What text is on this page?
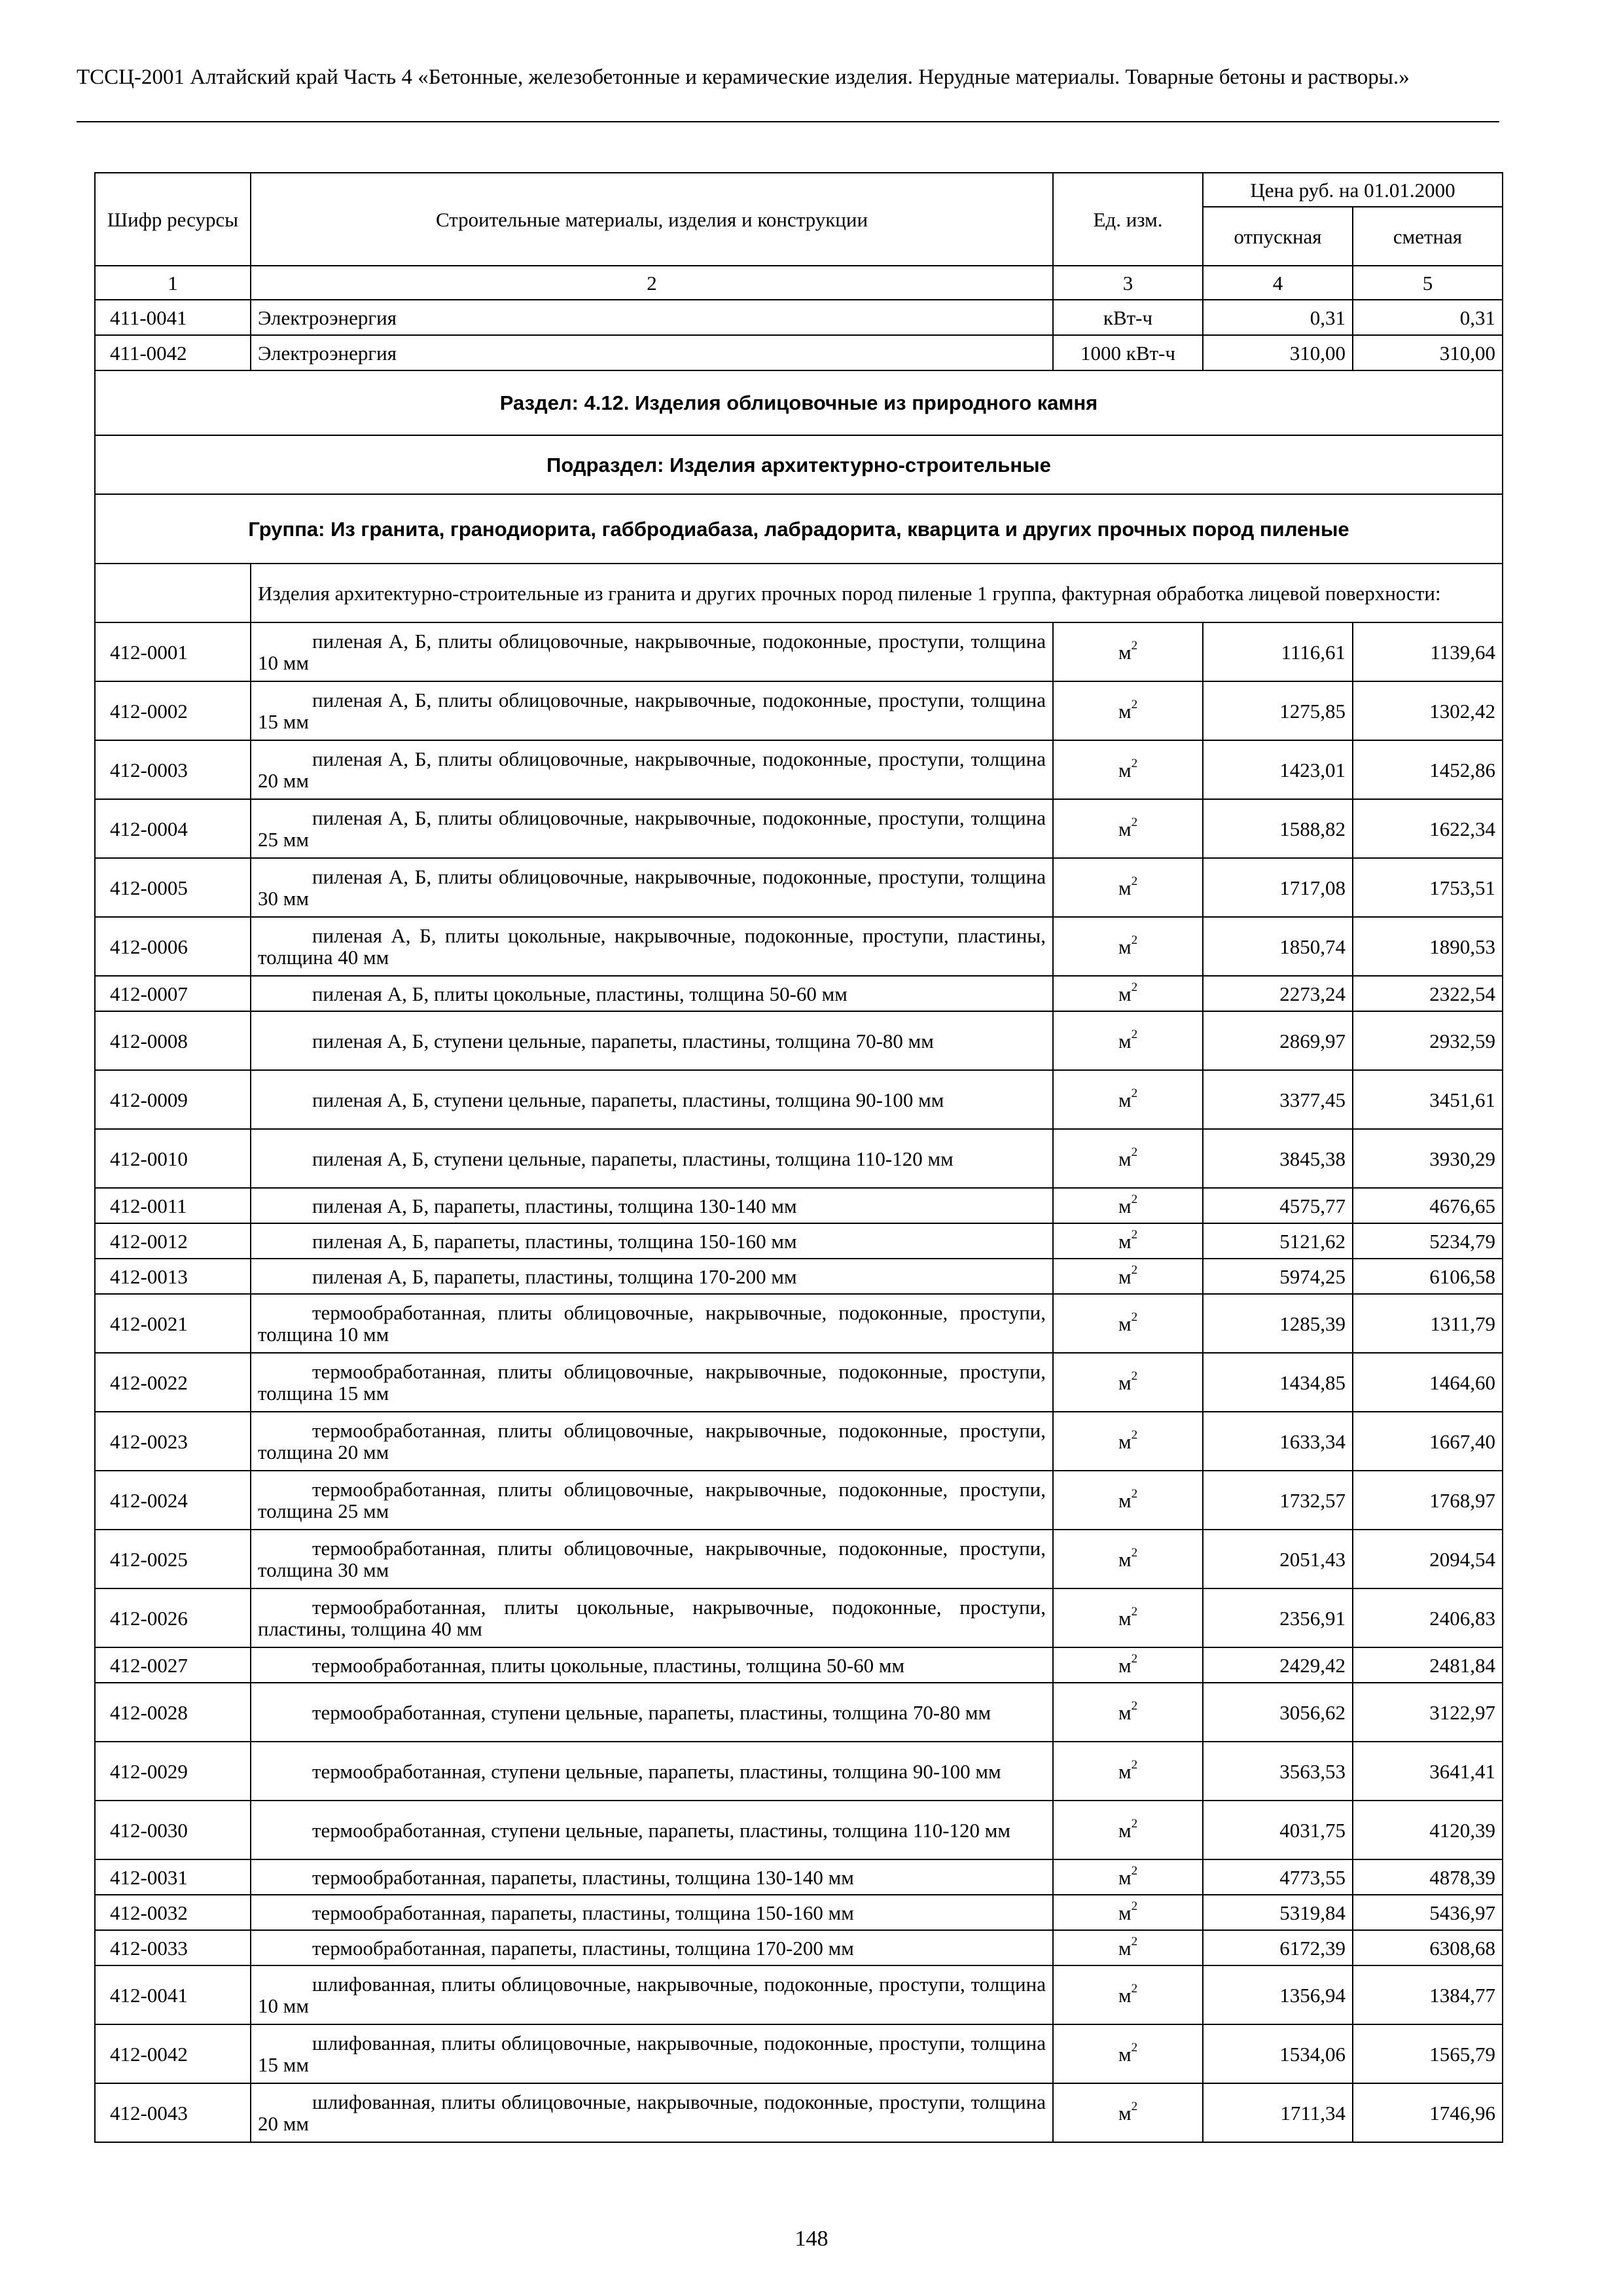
ТССЦ-2001 Алтайский край Часть 4 «Бетонные, железобетонные и керамические изделия. Нерудные материалы. Товарные бетоны и растворы.»
Шифр ресурсы	Строительные материалы, изделия и конструкции	Ед. изм.	Цена руб. на 01.01.2000	
			отпускная	сметная
1	2	3	4	5
411-0041	Электроэнергия	кВт-ч	0,31	0,31
411-0042	Электроэнергия	1000 кВт-ч	310,00	310,00
Раздел: 4.12. Изделия облицовочные из природного камня				
Подраздел: Изделия архитектурно-строительные				
Группа: Из гранита, гранодиорита, габбродиабаза, лабрадорита, кварцита и других прочных пород пиленые				
	Изделия архитектурно-строительные из гранита и других прочных пород пиленые 1 группа, фактурная обработка лицевой поверхности:			
412-0001	пиленая А, Б, плиты облицовочные, накрывочные, подоконные, проступи, толщина 10 мм	$м^2$	1116,61	1139,64
412-0002	пиленая А, Б, плиты облицовочные, накрывочные, подоконные, проступи, толщина 15 мм	$м^2$	1275,85	1302,42
412-0003	пиленая А, Б, плиты облицовочные, накрывочные, подоконные, проступи, толщина 20 мм	$м^2$	1423,01	1452,86
412-0004	пиленая А, Б, плиты облицовочные, накрывочные, подоконные, проступи, толщина 25 мм	$м^2$	1588,82	1622,34
412-0005	пиленая А, Б, плиты облицовочные, накрывочные, подоконные, проступи, толщина 30 мм	$м^2$	1717,08	1753,51
412-0006	пиленая А, Б, плиты цокольные, накрывочные, подоконные, проступи, пластины, толщина 40 мм	$м^2$	1850,74	1890,53
412-0007	пиленая А, Б, плиты цокольные, пластины, толщина 50-60 мм	$м^2$	2273,24	2322,54
412-0008	пиленая А, Б, ступени цельные, парапеты, пластины, толщина 70-80 мм	$м^2$	2869,97	2932,59
412-0009	пиленая А, Б, ступени цельные, парапеты, пластины, толщина 90-100 мм	$м^2$	3377,45	3451,61
412-0010	пиленая А, Б, ступени цельные, парапеты, пластины, толщина 110-120 мм	$м^2$	3845,38	3930,29
412-0011	пиленая А, Б, парапеты, пластины, толщина 130-140 мм	$м^2$	4575,77	4676,65
412-0012	пиленая А, Б, парапеты, пластины, толщина 150-160 мм	$м^2$	5121,62	5234,79
412-0013	пиленая А, Б, парапеты, пластины, толщина 170-200 мм	$м^2$	5974,25	6106,58
412-0021	термообработанная, плиты облицовочные, накрывочные, подоконные, проступи, толщина 10 мм	$м^2$	1285,39	1311,79
412-0022	термообработанная, плиты облицовочные, накрывочные, подоконные, проступи, толщина 15 мм	$м^2$	1434,85	1464,60
412-0023	термообработанная, плиты облицовочные, накрывочные, подоконные, проступи, толщина 20 мм	$м^2$	1633,34	1667,40
412-0024	термообработанная, плиты облицовочные, накрывочные, подоконные, проступи, толщина 25 мм	$м^2$	1732,57	1768,97
412-0025	термообработанная, плиты облицовочные, накрывочные, подоконные, проступи, толщина 30 мм	$м^2$	2051,43	2094,54
412-0026	термообработанная, плиты цокольные, накрывочные, подоконные, проступи, пластины, толщина 40 мм	$м^2$	2356,91	2406,83
412-0027	термообработанная, плиты цокольные, пластины, толщина 50-60 мм	$м^2$	2429,42	2481,84
412-0028	термообработанная, ступени цельные, парапеты, пластины, толщина 70-80 мм	$м^2$	3056,62	3122,97
412-0029	термообработанная, ступени цельные, парапеты, пластины, толщина 90-100 мм	$м^2$	3563,53	3641,41
412-0030	термообработанная, ступени цельные, парапеты, пластины, толщина 110-120 мм	$м^2$	4031,75	4120,39
412-0031	термообработанная, парапеты, пластины, толщина 130-140 мм	$м^2$	4773,55	4878,39
412-0032	термообработанная, парапеты, пластины, толщина 150-160 мм	$м^2$	5319,84	5436,97
412-0033	термообработанная, парапеты, пластины, толщина 170-200 мм	$м^2$	6172,39	6308,68
412-0041	шлифованная, плиты облицовочные, накрывочные, подоконные, проступи, толщина 10 мм	$м^2$	1356,94	1384,77
412-0042	шлифованная, плиты облицовочные, накрывочные, подоконные, проступи, толщина 15 мм	$м^2$	1534,06	1565,79
412-0043	шлифованная, плиты облицовочные, накрывочные, подоконные, проступи, толщина 20 мм	$м^2$	1711,34	1746,96
148
